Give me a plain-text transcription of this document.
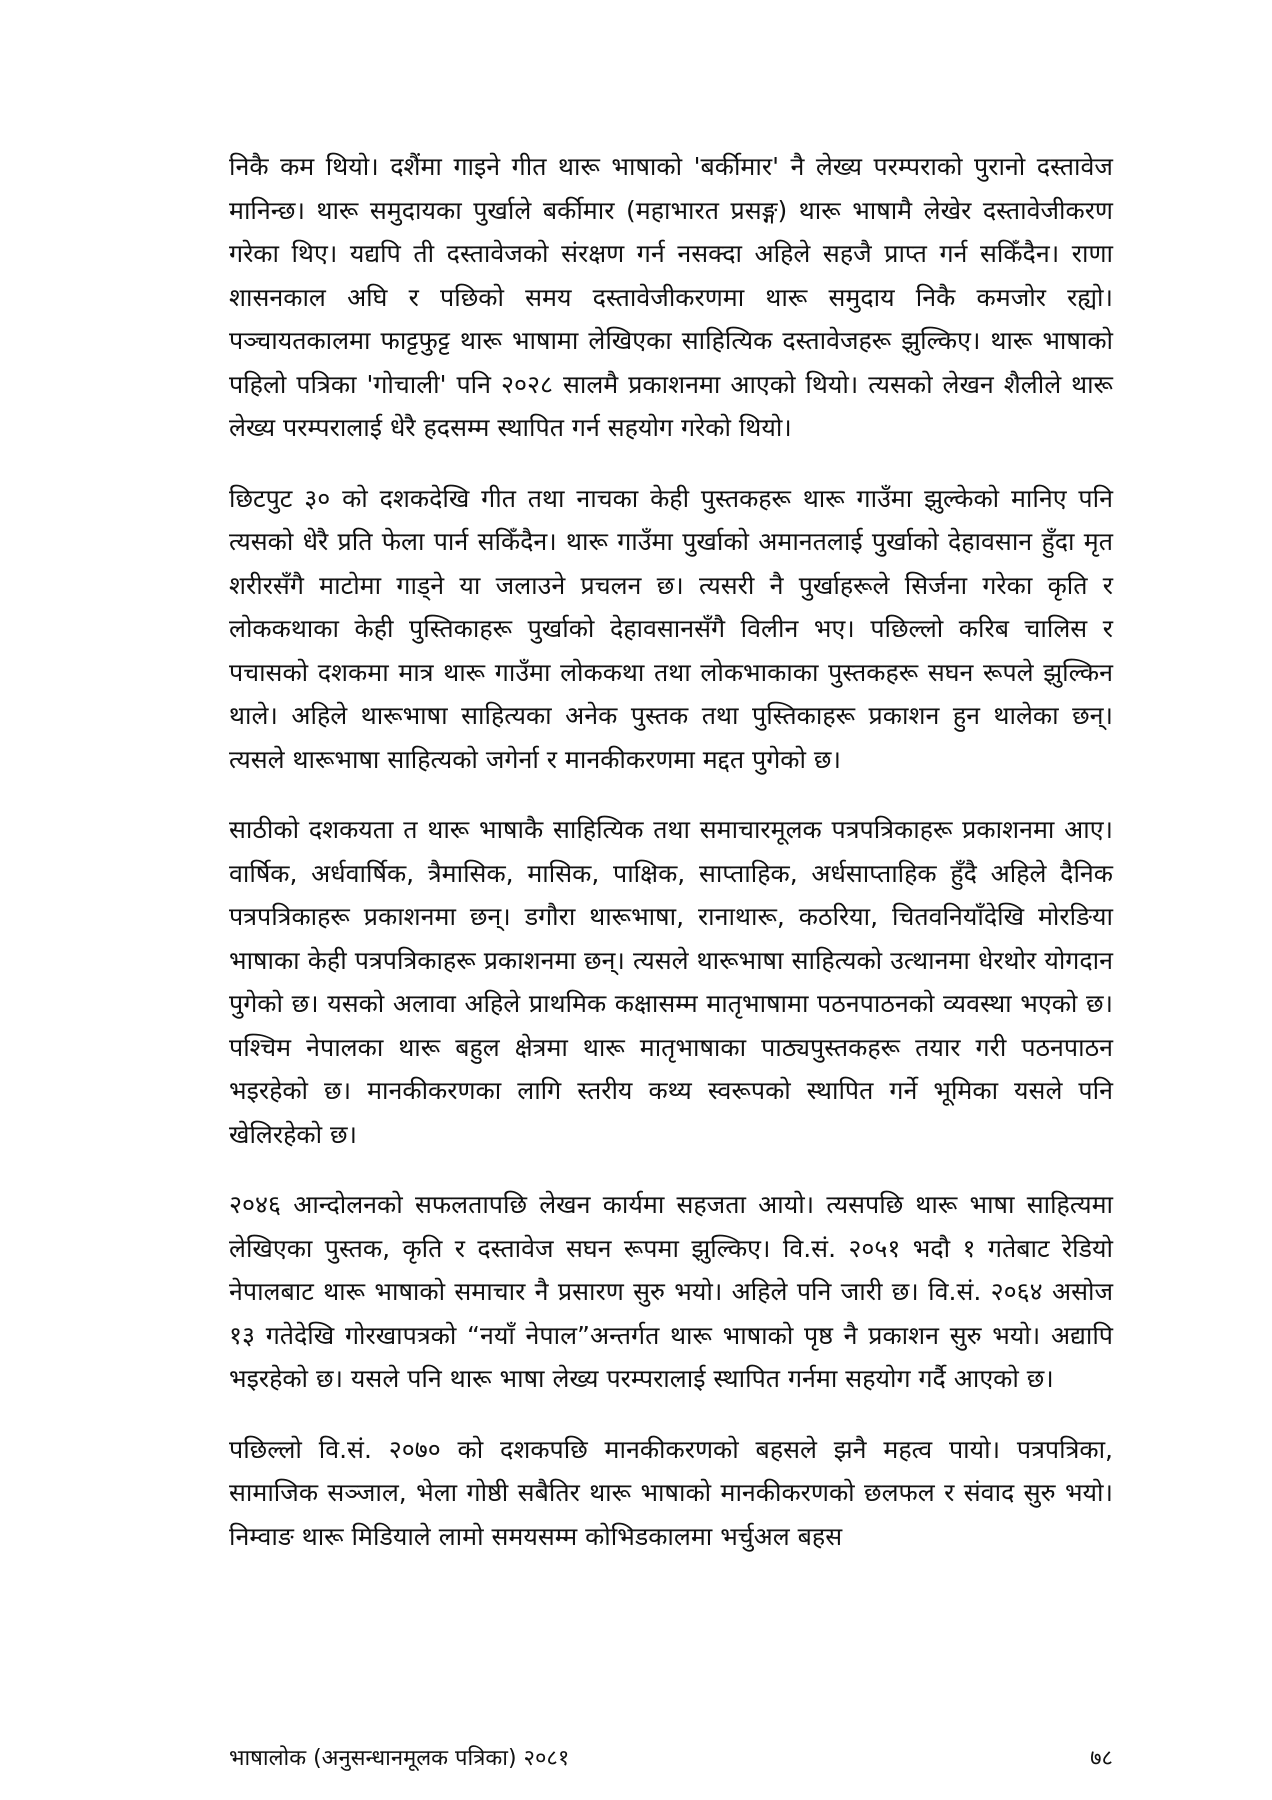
निकै कम थियो। दशैंमा गाइने गीत थारू भाषाको 'बर्कीमार' नै लेख्य परम्पराको पुरानो दस्तावेज मानिन्छ। थारू समुदायका पुर्खाले बर्कीमार (महाभारत प्रसङ्ग) थारू भाषामै लेखेर दस्तावेजीकरण गरेका थिए। यद्यपि ती दस्तावेजको संरक्षण गर्न नसक्दा अहिले सहजै प्राप्त गर्न सकिँदैन। राणा शासनकाल अघि र पछिको समय दस्तावेजीकरणमा थारू समुदाय निकै कमजोर रह्यो। पञ्चायतकालमा फाट्टफुट्ट थारू भाषामा लेखिएका साहित्यिक दस्तावेजहरू झुल्किए। थारू भाषाको पहिलो पत्रिका 'गोचाली' पनि २०२८ सालमै प्रकाशनमा आएको थियो। त्यसको लेखन शैलीले थारू लेख्य परम्परालाई धेरै हदसम्म स्थापित गर्न सहयोग गरेको थियो।

छिटपुट ३० को दशकदेखि गीत तथा नाचका केही पुस्तकहरू थारू गाउँमा झुल्केको मानिए पनि त्यसको धेरै प्रति फेला पार्न सकिँदैन। थारू गाउँमा पुर्खाको अमानतलाई पुर्खाको देहावसान हुँदा मृत शरीरसँगै माटोमा गाड्ने या जलाउने प्रचलन छ। त्यसरी नै पुर्खाहरूले सिर्जना गरेका कृति र लोककथाका केही पुस्तिकाहरू पुर्खाको देहावसानसँगै विलीन भए। पछिल्लो करिब चालिस र पचासको दशकमा मात्र थारू गाउँमा लोककथा तथा लोकभाकाका पुस्तकहरू सघन रूपले झुल्किन थाले। अहिले थारूभाषा साहित्यका अनेक पुस्तक तथा पुस्तिकाहरू प्रकाशन हुन थालेका छन्। त्यसले थारूभाषा साहित्यको जगेर्ना र मानकीकरणमा मद्दत पुगेको छ।

साठीको दशकयता त थारू भाषाकै साहित्यिक तथा समाचारमूलक पत्रपत्रिकाहरू प्रकाशनमा आए। वार्षिक, अर्धवार्षिक, त्रैमासिक, मासिक, पाक्षिक, साप्ताहिक, अर्धसाप्ताहिक हुँदै अहिले दैनिक पत्रपत्रिकाहरू प्रकाशनमा छन्। डगौरा थारूभाषा, रानाथारू, कठरिया, चितवनियाँदेखि मोरङिया भाषाका केही पत्रपत्रिकाहरू प्रकाशनमा छन्। त्यसले थारूभाषा साहित्यको उत्थानमा धेरथोर योगदान पुगेको छ। यसको अलावा अहिले प्राथमिक कक्षासम्म मातृभाषामा पठनपाठनको व्यवस्था भएको छ। पश्चिम नेपालका थारू बहुल क्षेत्रमा थारू मातृभाषाका पाठ्यपुस्तकहरू तयार गरी पठनपाठन भइरहेको छ। मानकीकरणका लागि स्तरीय कथ्य स्वरूपको स्थापित गर्ने भूमिका यसले पनि खेलिरहेको छ।

२०४६ आन्दोलनको सफलतापछि लेखन कार्यमा सहजता आयो। त्यसपछि थारू भाषा साहित्यमा लेखिएका पुस्तक, कृति र दस्तावेज सघन रूपमा झुल्किए। वि.सं. २०५१ भदौ १ गतेबाट रेडियो नेपालबाट थारू भाषाको समाचार नै प्रसारण सुरु भयो। अहिले पनि जारी छ। वि.सं. २०६४ असोज १३ गतेदेखि गोरखापत्रको “नयाँ नेपाल”अन्तर्गत थारू भाषाको पृष्ठ नै प्रकाशन सुरु भयो। अद्यापि भइरहेको छ। यसले पनि थारू भाषा लेख्य परम्परालाई स्थापित गर्नमा सहयोग गर्दै आएको छ।

पछिल्लो वि.सं. २०७० को दशकपछि मानकीकरणको बहसले झनै महत्व पायो। पत्रपत्रिका, सामाजिक सञ्जाल, भेला गोष्ठी सबैतिर थारू भाषाको मानकीकरणको छलफल र संवाद सुरु भयो। निम्वाङ थारू मिडियाले लामो समयसम्म कोभिडकालमा भर्चुअल बहस

भाषालोक (अनुसन्धानमूलक पत्रिका) २०८१	७८
